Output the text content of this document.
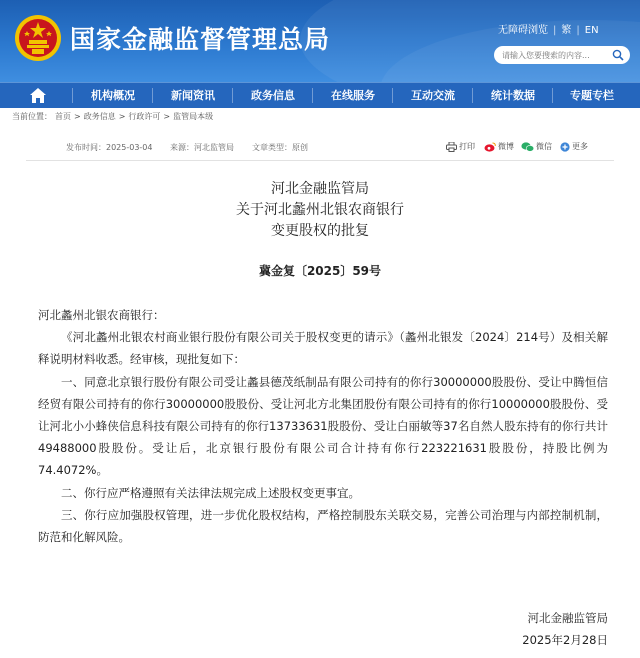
国家金融监督管理总局	无障碍浏览 | 繁 | EN
请输入您要搜索的内容...
机构概况	新闻资讯	政务信息	在线服务	互动交流	统计数据	专题专栏
当前位置： 首页 > 政务信息 > 行政许可 > 监管局本级
发布时间：2025-03-04 来源：河北监管局 文章类型：原创	打印	微博	微信	更多
河北金融监管局
关于河北蠡州北银农商银行
变更股权的批复
冀金复〔2025〕59号

河北蠡州北银农商银行：

《河北蠡州北银农村商业银行股份有限公司关于股权变更的请示》（蠡州北银发〔2024〕214号）及相关解释说明材料收悉。经审核，现批复如下：

一、同意北京银行股份有限公司受让蠡县德茂纸制品有限公司持有的你行30000000股股份、受让中腾恒信经贸有限公司持有的你行30000000股股份、受让河北方北集团股份有限公司持有的你行10000000股股份、受让河北小小蜂侠信息科技有限公司持有的你行13733631股股份、受让白丽敏等37名自然人股东持有的你行共计49488000股股份。受让后，北京银行股份有限公司合计持有你行223221631股股份，持股比例为74.4072%。

二、你行应严格遵照有关法律法规完成上述股权变更事宜。

三、你行应加强股权管理，进一步优化股权结构，严格控制股东关联交易，完善公司治理与内部控制机制，防范和化解风险。

河北金融监管局
2025年2月28日
